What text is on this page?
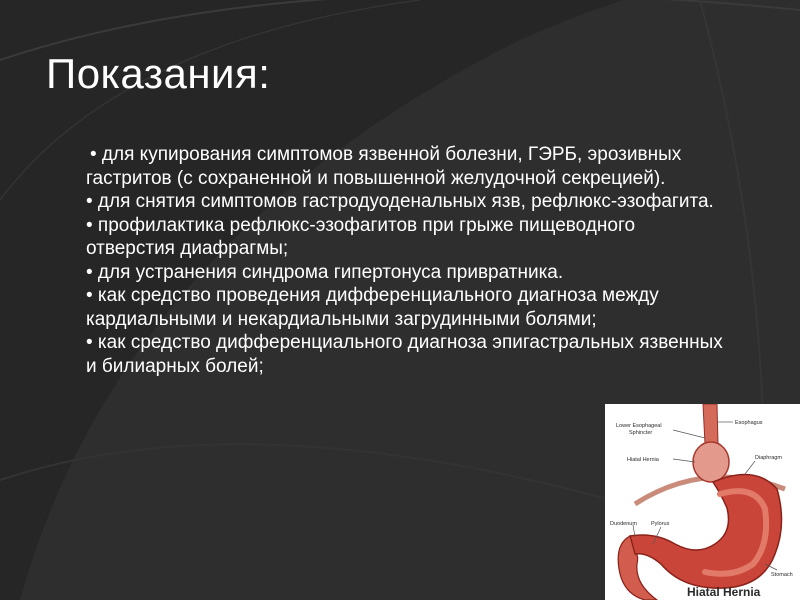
Показания:

• для купирования симптомов язвенной болезни, ГЭРБ, эрозивных гастритов (с сохраненной и повышенной желудочной секрецией).

• для снятия симптомов гастродуоденальных язв, рефлюкс-эзофагита.

• профилактика рефлюкс-эзофагитов при грыже пищеводного отверстия диафрагмы;

• для устранения синдрома гипертонуса привратника.

• как средство проведения дифференциального диагноза между кардиальными и некардиальными загрудинными болями;

• как средство дифференциального диагноза эпигастральных язвенных и билиарных болей;

Lower Esophageal
Sphincter
Esophagus
Hiatal Hernia	Diaphragm
Duodenum	Pylorus
Stomach
Hiatal Hernia
